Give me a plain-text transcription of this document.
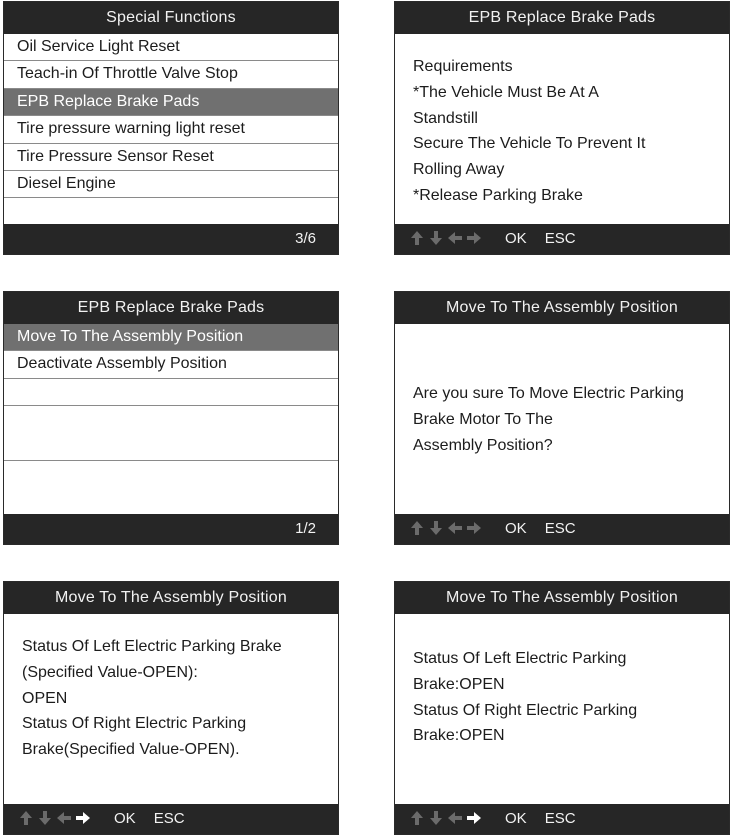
Special Functions
Oil Service Light Reset
Teach-in Of Throttle Valve Stop
EPB Replace Brake Pads
Tire pressure warning light reset
Tire Pressure Sensor Reset
Diesel Engine
3/6
EPB Replace Brake Pads
Requirements
*The Vehicle Must Be At A
Standstill
Secure The Vehicle To Prevent It
Rolling Away
*Release Parking Brake
OK ESC
EPB Replace Brake Pads
Move To The Assembly Position
Deactivate Assembly Position
1/2
Move To The Assembly Position
Are you sure To Move Electric Parking
Brake Motor To The
Assembly Position?
OK ESC
Move To The Assembly Position
Status Of Left Electric Parking Brake
(Specified Value-OPEN):
OPEN
Status Of Right Electric Parking
Brake(Specified Value-OPEN).
OK ESC
Move To The Assembly Position
Status Of Left Electric Parking
Brake:OPEN
Status Of Right Electric Parking
Brake:OPEN
OK ESC
